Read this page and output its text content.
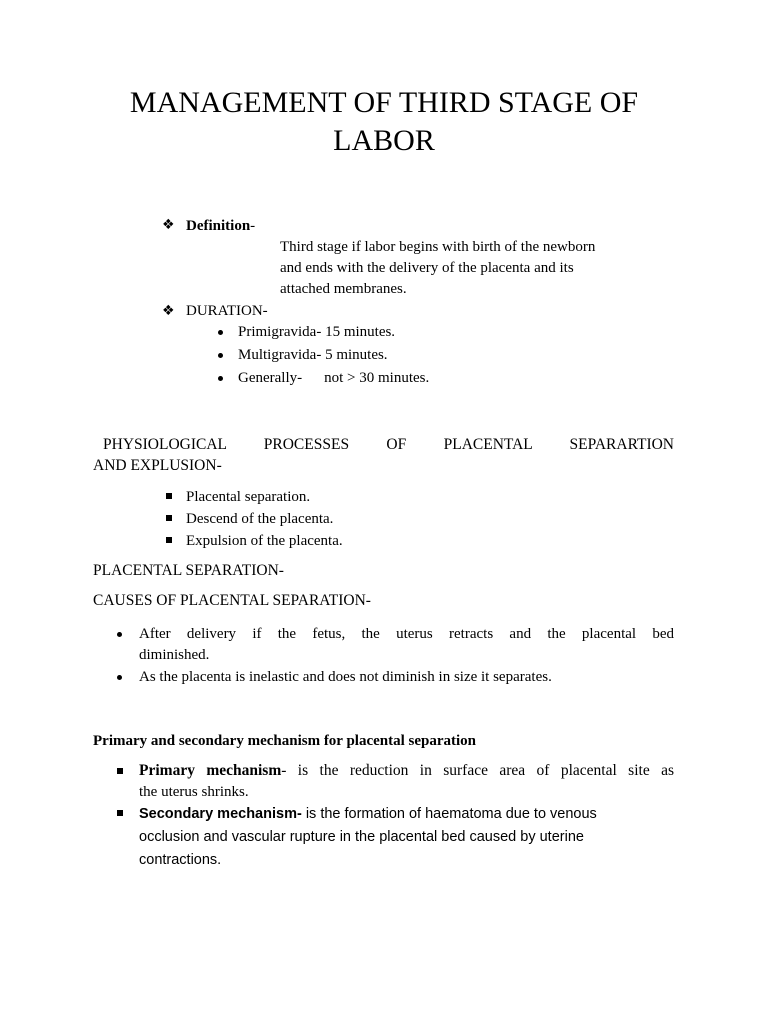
MANAGEMENT OF THIRD STAGE OF
LABOR
❖ Definition-
Third stage if labor begins with birth of the newborn
and ends with the delivery of the placenta and its
attached membranes.
❖ DURATION-
Primigravida- 15 minutes.
Multigravida- 5 minutes.
Generally- not > 30 minutes.
PHYSIOLOGICAL PROCESSES OF PLACENTAL SEPARARTION
AND EXPLUSION-
Placental separation.
Descend of the placenta.
Expulsion of the placenta.
PLACENTAL SEPARATION-
CAUSES OF PLACENTAL SEPARATION-
After delivery if the fetus, the uterus retracts and the placental bed
diminished.
As the placenta is inelastic and does not diminish in size it separates.
Primary and secondary mechanism for placental separation
Primary mechanism- is the reduction in surface area of placental site as
the uterus shrinks.
Secondary mechanism- is the formation of haematoma due to venous
occlusion and vascular rupture in the placental bed caused by uterine
contractions.
